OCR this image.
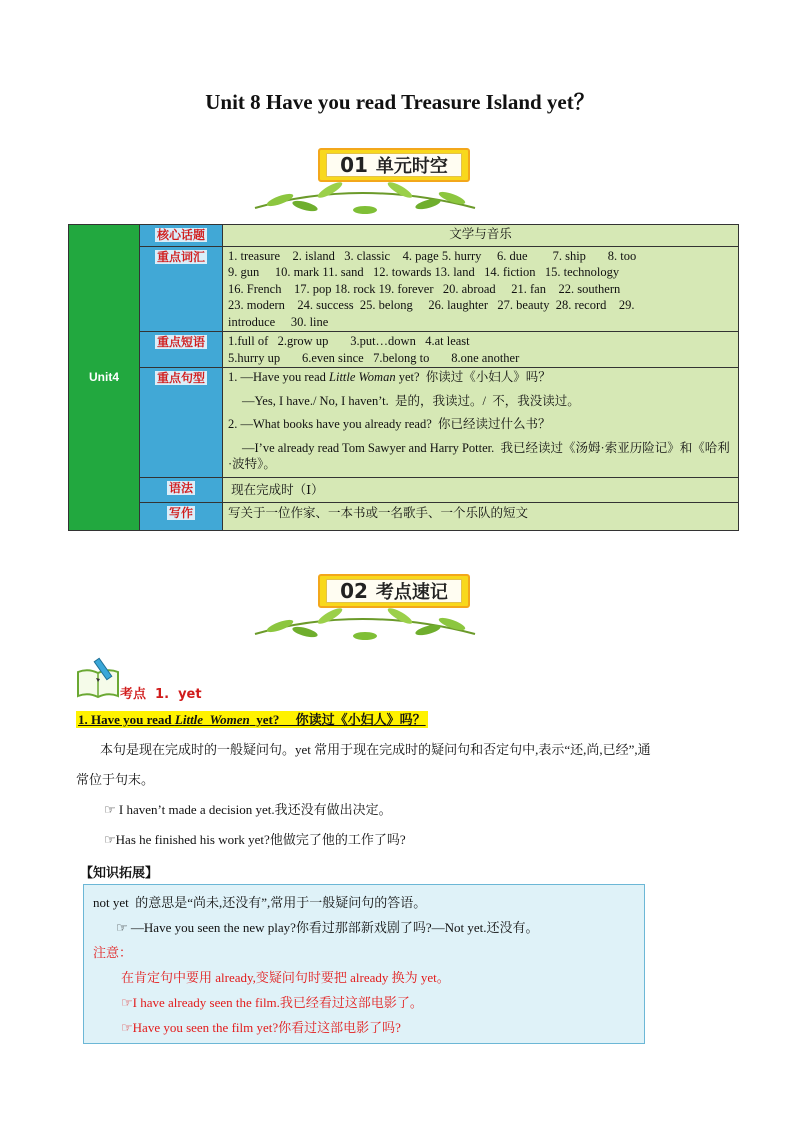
Unit 8 Have you read Treasure Island yet？
01 单元时空
Unit4	核心话题	文学与音乐
	重点词汇	1. treasure    2. island   3. classic    4. page 5. hurry     6. due        7. ship       8. too
9. gun     10. mark 11. sand   12. towards 13. land   14. fiction   15. technology
16. French    17. pop 18. rock 19. forever   20. abroad     21. fan    22. southern
23. modern    24. success  25. belong     26. laughter   27. beauty  28. record    29.
introduce     30. line

	重点短语	1.full of   2.grow up       3.put…down   4.at least
5.hurry up       6.even since   7.belong to       8.one another

	重点句型	1. —Have you read Little Woman yet?  你读过《小妇人》吗？
—Yes, I have./ No, I haven’t.  是的，我读过。/  不，我没读过。
2. —What books have you already read?  你已经读过什么书？
—I’ve already read Tom Sawyer and Harry Potter.  我已经读过《汤姆·索亚历险记》和《哈利·波特》。

	语法	现在完成时（Ⅰ）
	写作	写关于一位作家、一本书或一名歌手、一个乐队的短文
02 考点速记
考点  1.  yet
1. Have you read Little  Women  yet?     你读过《小妇人》吗？
本句是现在完成时的一般疑问句。yet 常用于现在完成时的疑问句和否定句中,表示“还,尚,已经”,通
常位于句末。
☞ I haven’t made a decision yet.我还没有做出决定。
☞Has he finished his work yet?他做完了他的工作了吗?
【知识拓展】
not yet  的意思是“尚未,还没有”,常用于一般疑问句的答语。
☞ —Have you seen the new play?你看过那部新戏剧了吗?—Not yet.还没有。
注意：
在肯定句中要用 already,变疑问句时要把 already 换为 yet。
☞I have already seen the film.我已经看过这部电影了。
☞Have you seen the film yet?你看过这部电影了吗?
